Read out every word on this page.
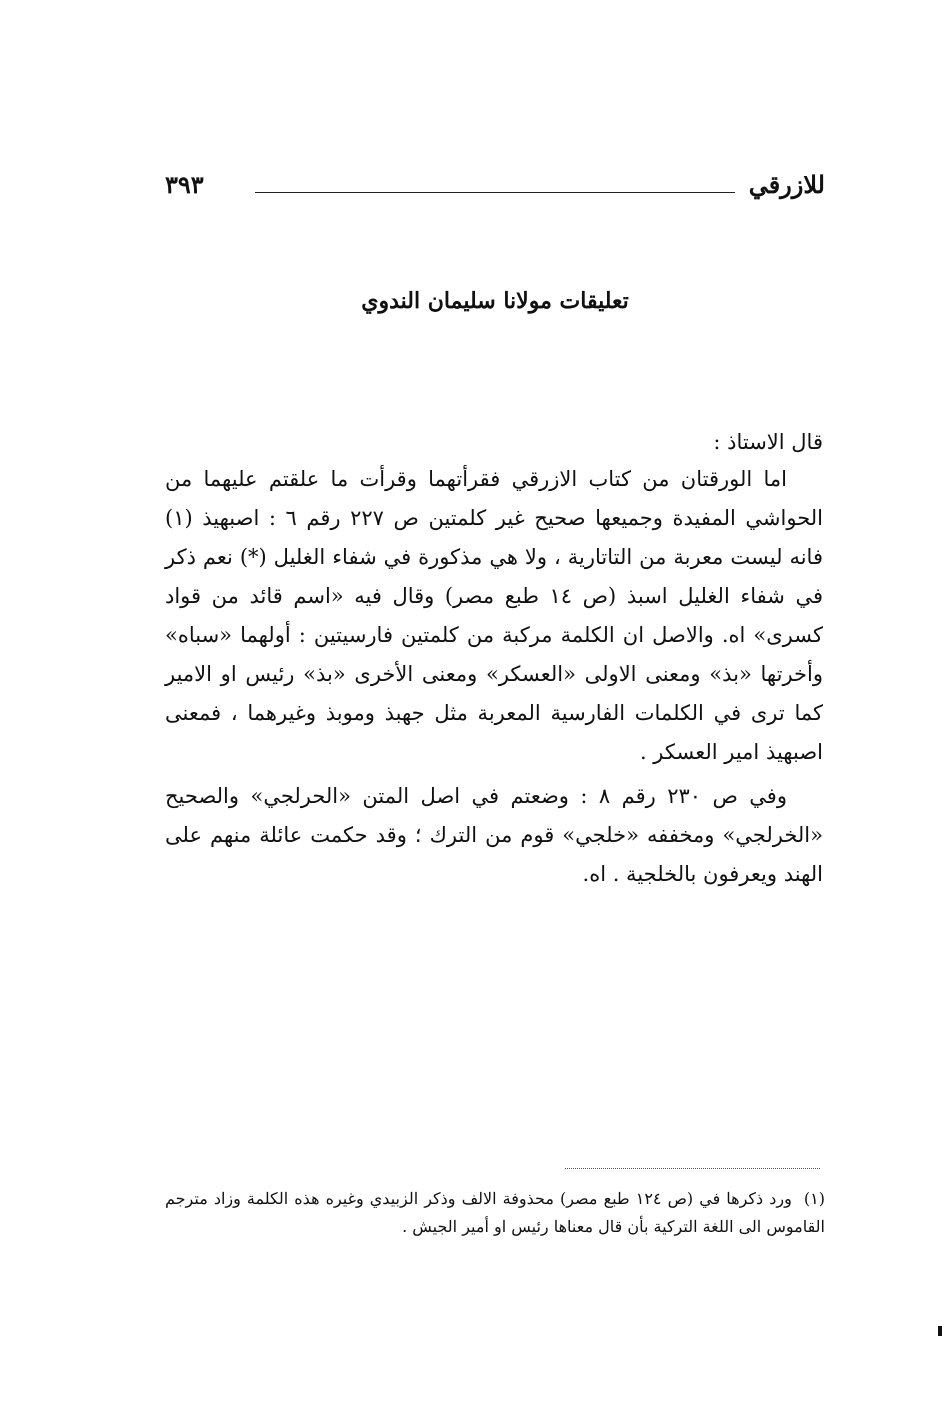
للازرقي
٣٩٣
تعليقات مولانا سليمان الندوي
قال الاستاذ :

اما الورقتان من كتاب الازرقي فقرأتهما وقرأت ما علقتم عليهما من الحواشي المفيدة وجميعها صحيح غير كلمتين ص ٢٢٧ رقم ٦ : اصبهيذ (١) فانه ليست معربة من التاتارية ، ولا هي مذكورة في شفاء الغليل (*) نعم ذكر في شفاء الغليل اسبذ (ص ١٤ طبع مصر) وقال فيه «اسم قائد من قواد كسرى» اه. والاصل ان الكلمة مركبة من كلمتين فارسيتين : أولهما «سباه» وأخرتها «بذ» ومعنى الاولى «العسكر» ومعنى الأخرى «بذ» رئيس او الامير كما ترى في الكلمات الفارسية المعربة مثل جهبذ وموبذ وغيرهما ، فمعنى اصبهيذ امير العسكر .

وفي ص ٢٣٠ رقم ٨ : وضعتم في اصل المتن «الحرلجي» والصحيح «الخرلجي» ومخففه «خلجي» قوم من الترك ؛ وقد حكمت عائلة منهم على الهند ويعرفون بالخلجية . اه.

(١) ورد ذكرها في (ص ١٢٤ طبع مصر) محذوفة الالف وذكر الزبيدي وغيره هذه الكلمة وزاد مترجم القاموس الى اللغة التركية بأن قال معناها رئيس او أمير الجيش .
